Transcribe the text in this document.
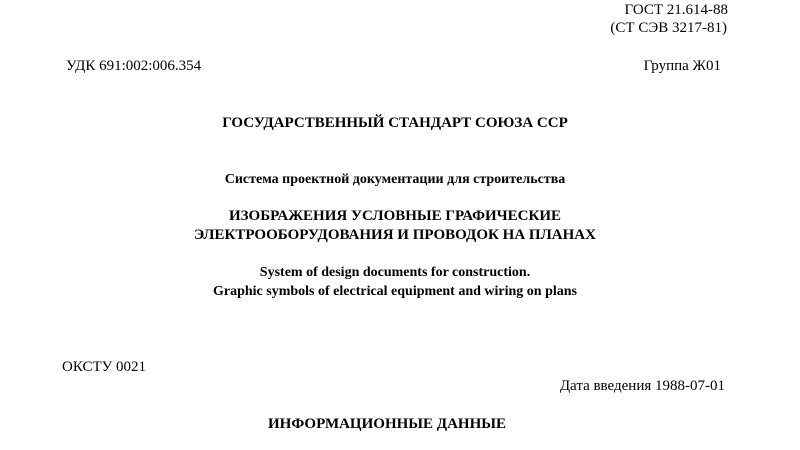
ГОСТ 21.614-88
(СТ СЭВ 3217-81)
УДК 691:002:006.354	Группа Ж01
ГОСУДАРСТВЕННЫЙ СТАНДАРТ СОЮЗА ССР
Система проектной документации для строительства
ИЗОБРАЖЕНИЯ УСЛОВНЫЕ ГРАФИЧЕСКИЕ
ЭЛЕКТРООБОРУДОВАНИЯ И ПРОВОДОК НА ПЛАНАХ
System of design documents for construction.
Graphic symbols of electrical equipment and wiring on plans
ОКСТУ 0021
Дата введения 1988-07-01
ИНФОРМАЦИОННЫЕ ДАННЫЕ
